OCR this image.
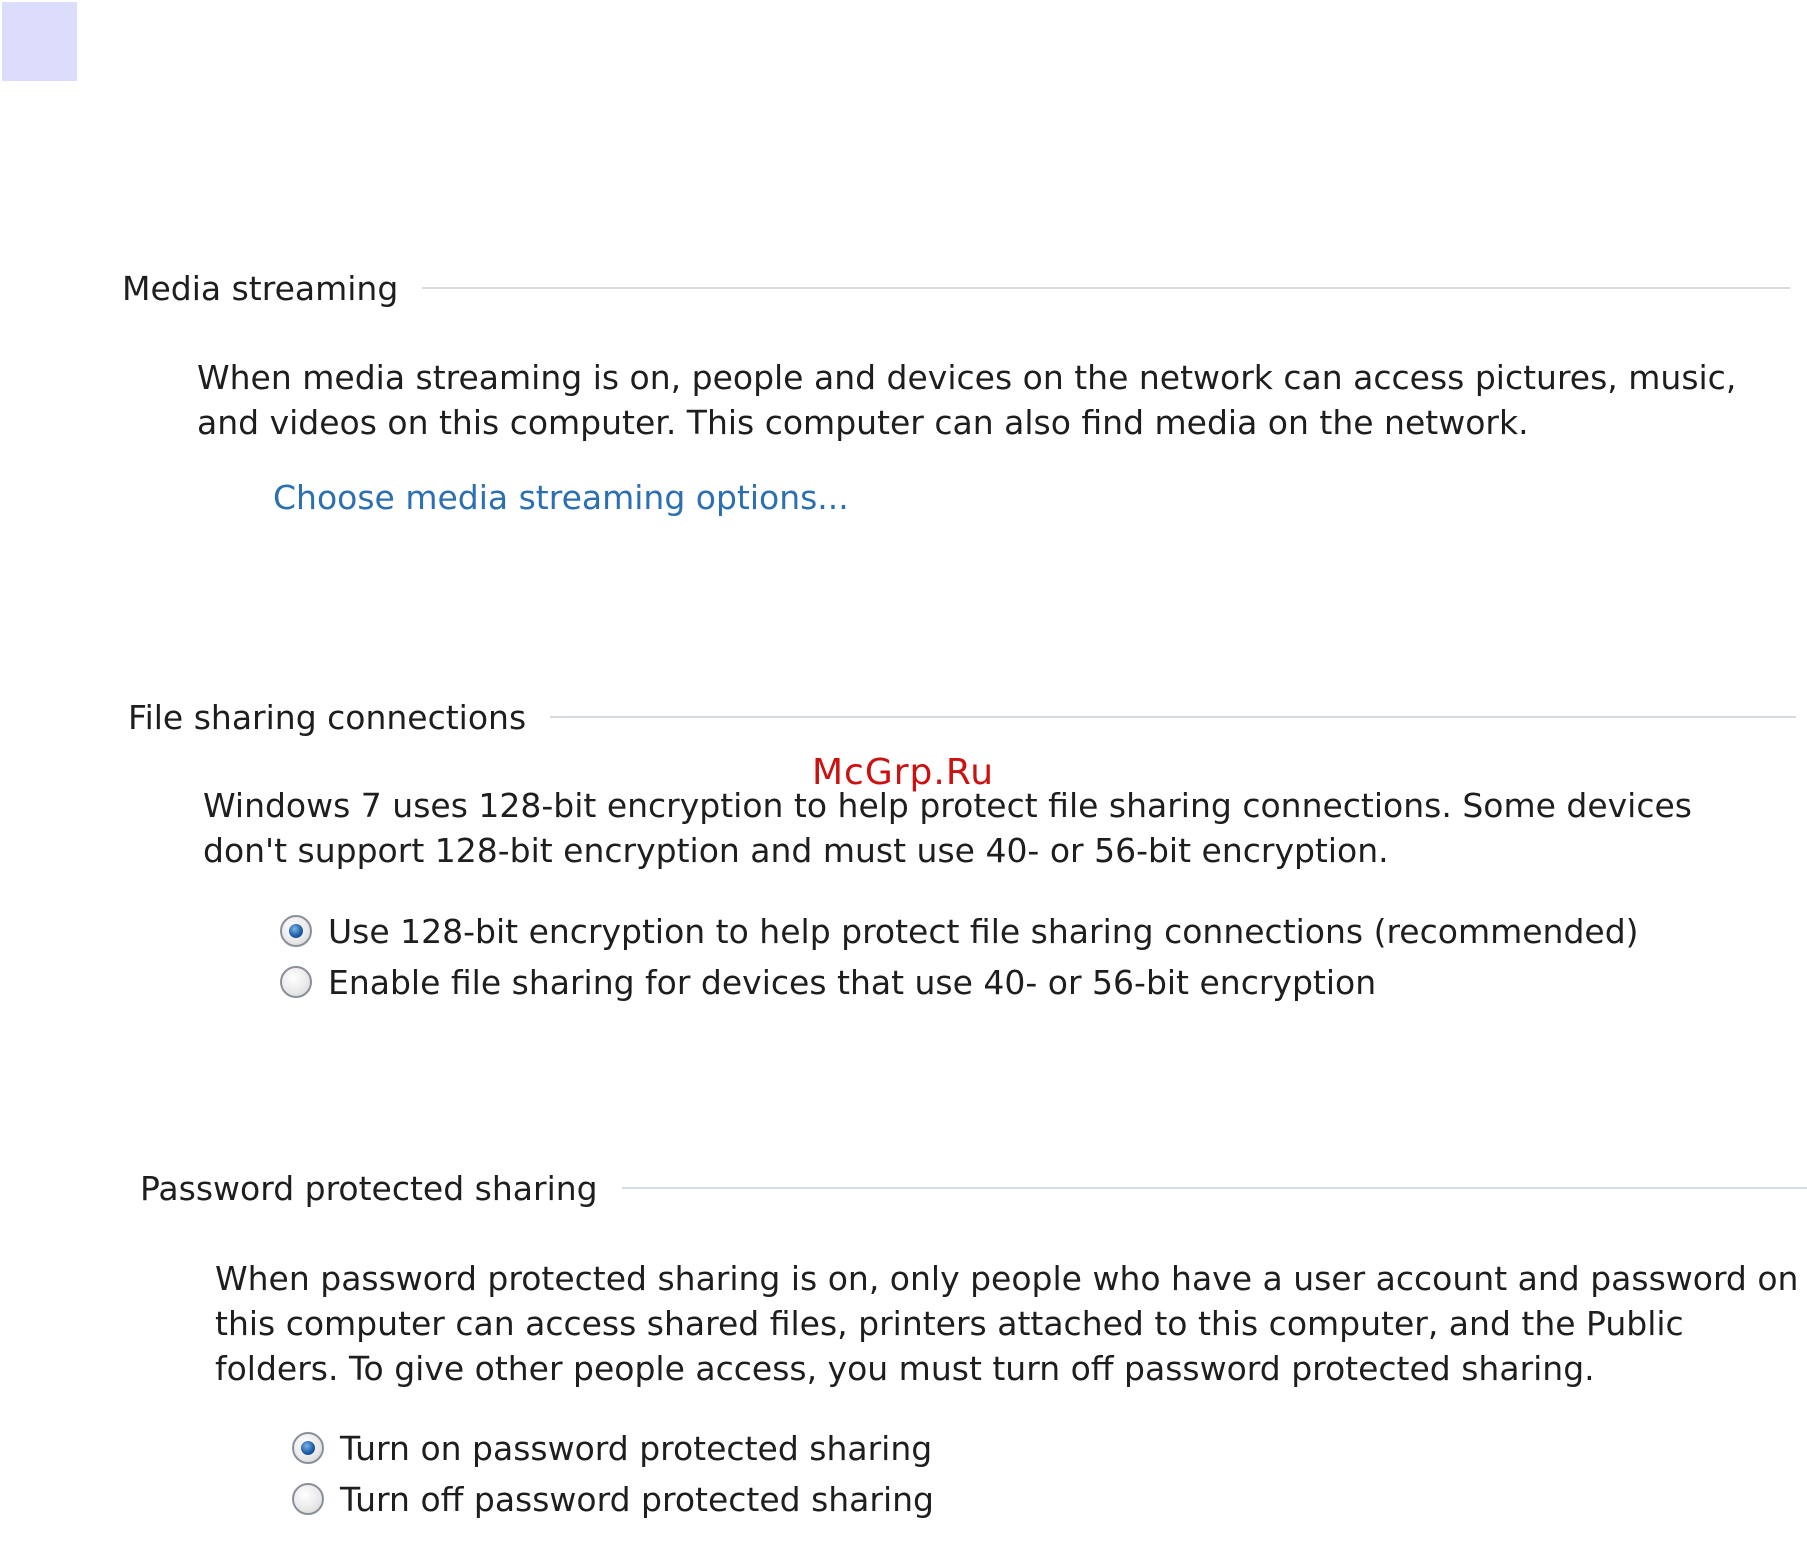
Media streaming

When media streaming is on, people and devices on the network can access pictures, music, and videos on this computer. This computer can also find media on the network.

Choose media streaming options...
File sharing connections

Windows 7 uses 128-bit encryption to help protect file sharing connections. Some devices don't support 128-bit encryption and must use 40- or 56-bit encryption.

Use 128-bit encryption to help protect file sharing connections (recommended)
Enable file sharing for devices that use 40- or 56-bit encryption
Password protected sharing

When password protected sharing is on, only people who have a user account and password on this computer can access shared files, printers attached to this computer, and the Public folders. To give other people access, you must turn off password protected sharing.

Turn on password protected sharing
Turn off password protected sharing
McGrp.Ru
